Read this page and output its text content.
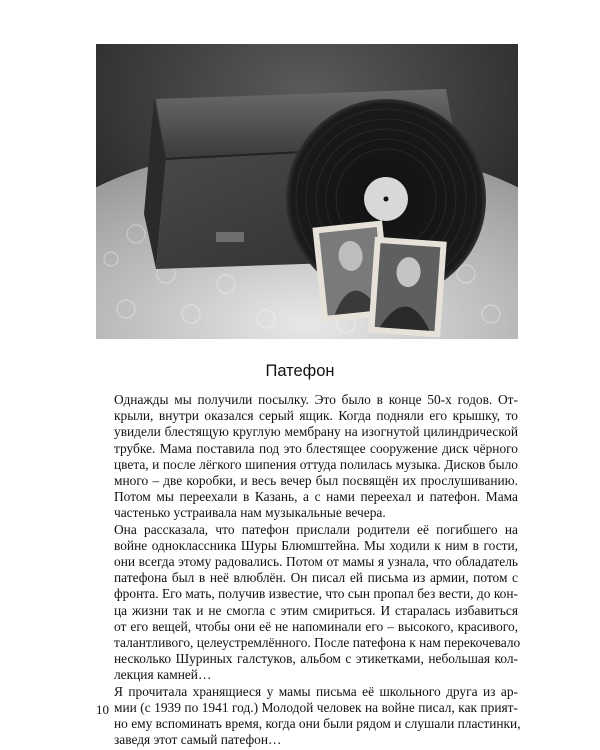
Патефон

Однажды мы получили посылку. Это было в конце 50-х годов. От-
крыли, внутри оказался серый ящик. Когда подняли его крышку, то
увидели блестящую круглую мембрану на изогнутой цилиндрической
трубке. Мама поставила под это блестящее сооружение диск чёрного
цвета, и после лёгкого шипения оттуда полилась музыка. Дисков было
много – две коробки, и весь вечер был посвящён их прослушиванию.
Потом мы переехали в Казань, а с нами переехал и патефон. Мама
частенько устраивала нам музыкальные вечера.

Она рассказала, что патефон прислали родители её погибшего на
войне одноклассника Шуры Блюмштейна. Мы ходили к ним в гости,
они всегда этому радовались. Потом от мамы я узнала, что обладатель
патефона был в неё влюблён. Он писал ей письма из армии, потом с
фронта. Его мать, получив известие, что сын пропал без вести, до кон-
ца жизни так и не смогла с этим смириться. И старалась избавиться
от его вещей, чтобы они её не напоминали его – высокого, красивого,
талантливого, целеустремлённого. После патефона к нам перекочевало
несколько Шуриных галстуков, альбом с этикетками, небольшая кол-
лекция камней…

Я прочитала хранящиеся у мамы письма её школьного друга из ар-
мии (с 1939 по 1941 год.) Молодой человек на войне писал, как прият-
но ему вспоминать время, когда они были рядом и слушали пластинки,
заведя этот самый патефон…

10
